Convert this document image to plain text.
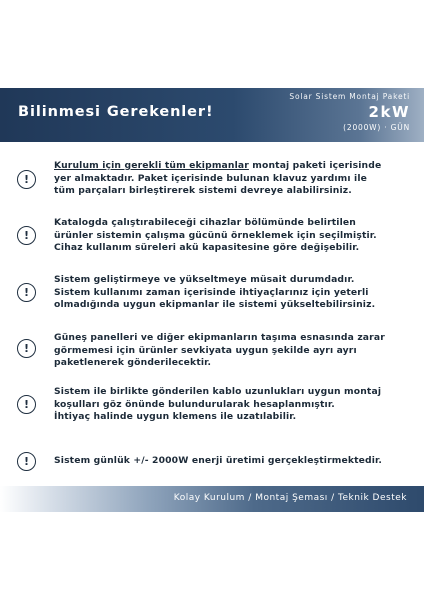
Bilinmesi Gerekenler!
Solar Sistem Montaj Paketi
2kW
(2000W) · GÜN
!
Kurulum için gerekli tüm ekipmanlar montaj paketi içerisinde
yer almaktadır. Paket içerisinde bulunan klavuz yardımı ile
tüm parçaları birleştirerek sistemi devreye alabilirsiniz.
!
Katalogda çalıştırabileceği cihazlar bölümünde belirtilen
ürünler sistemin çalışma gücünü örneklemek için seçilmiştir.
Cihaz kullanım süreleri akü kapasitesine göre değişebilir.
!
Sistem geliştirmeye ve yükseltmeye müsait durumdadır.
Sistem kullanımı zaman içerisinde ihtiyaçlarınız için yeterli
olmadığında uygun ekipmanlar ile sistemi yükseltebilirsiniz.
!
Güneş panelleri ve diğer ekipmanların taşıma esnasında zarar
görmemesi için ürünler sevkiyata uygun şekilde ayrı ayrı
paketlenerek gönderilecektir.
!
Sistem ile birlikte gönderilen kablo uzunlukları uygun montaj
koşulları göz önünde bulundurularak hesaplanmıştır.
İhtiyaç halinde uygun klemens ile uzatılabilir.
!	Sistem günlük +/- 2000W enerji üretimi gerçekleştirmektedir.
Kolay Kurulum / Montaj Şeması / Teknik Destek
